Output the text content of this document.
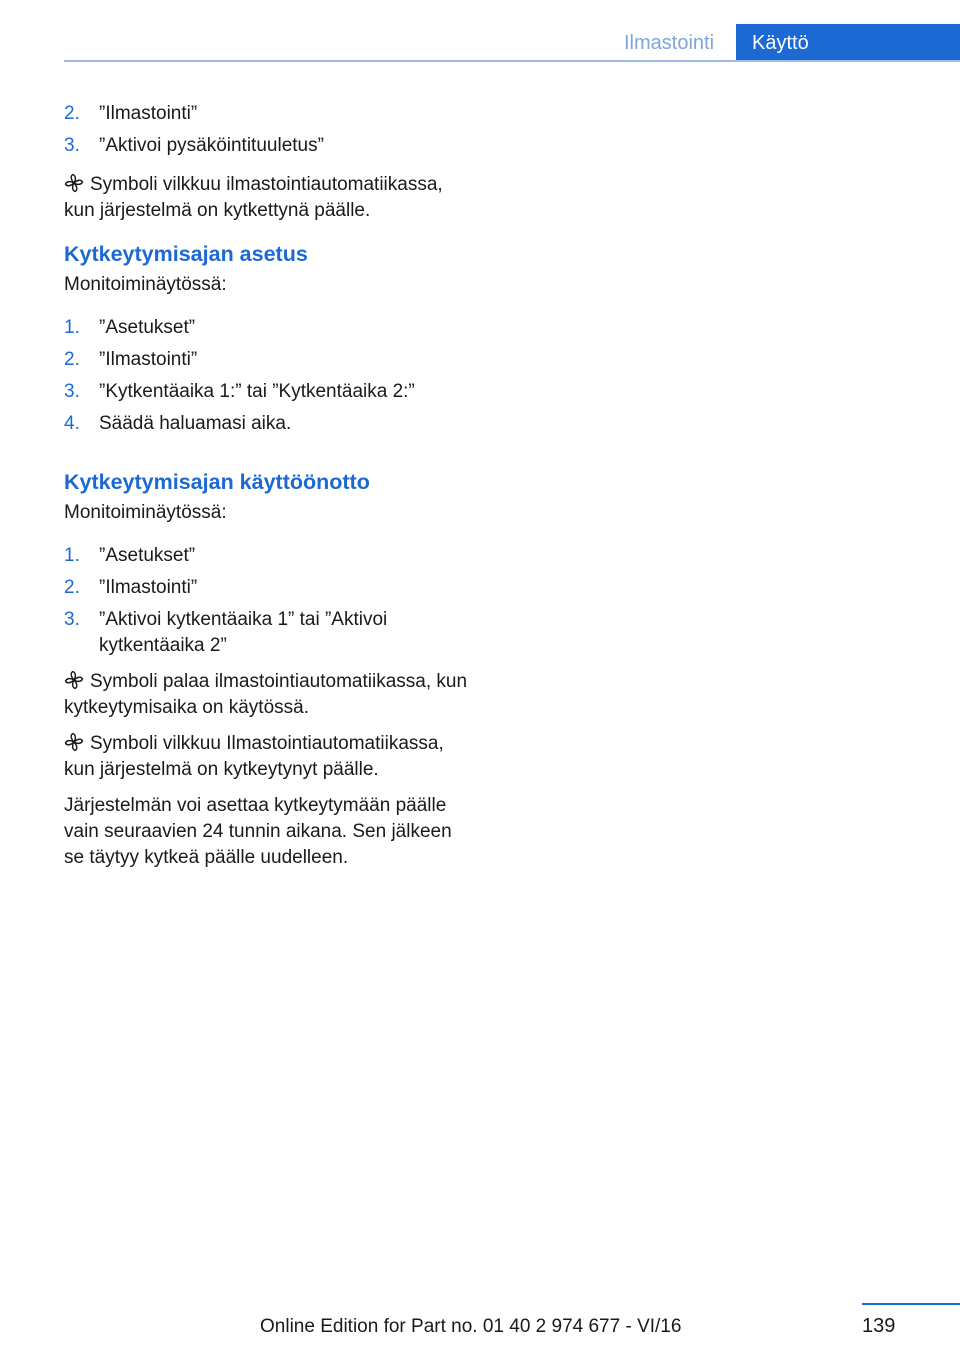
Ilmastointi	Käyttö
2. ”Ilmastointi”
3. ”Aktivoi pysäköintituuletus”

Symboli vilkkuu ilmastointiautomatiikassa, kun järjestelmä on kytkettynä päälle.

Kytkeytymisajan asetus

Monitoiminäytössä:

1. ”Asetukset”
2. ”Ilmastointi”
3. ”Kytkentäaika 1:” tai ”Kytkentäaika 2:”
4. Säädä haluamasi aika.
Kytkeytymisajan käyttöönotto

Monitoiminäytössä:

1. ”Asetukset”
2. ”Ilmastointi”
3. ”Aktivoi kytkentäaika 1” tai ”Aktivoi kytkentäaika 2”

Symboli palaa ilmastointiautomatiikassa, kun kytkeytymisaika on käytössä.

Symboli vilkkuu Ilmastointiautomatiikassa, kun järjestelmä on kytkeytynyt päälle.

Järjestelmän voi asettaa kytkeytymään päälle vain seuraavien 24 tunnin aikana. Sen jälkeen se täytyy kytkeä päälle uudelleen.

139
Online Edition for Part no. 01 40 2 974 677 - VI/16
